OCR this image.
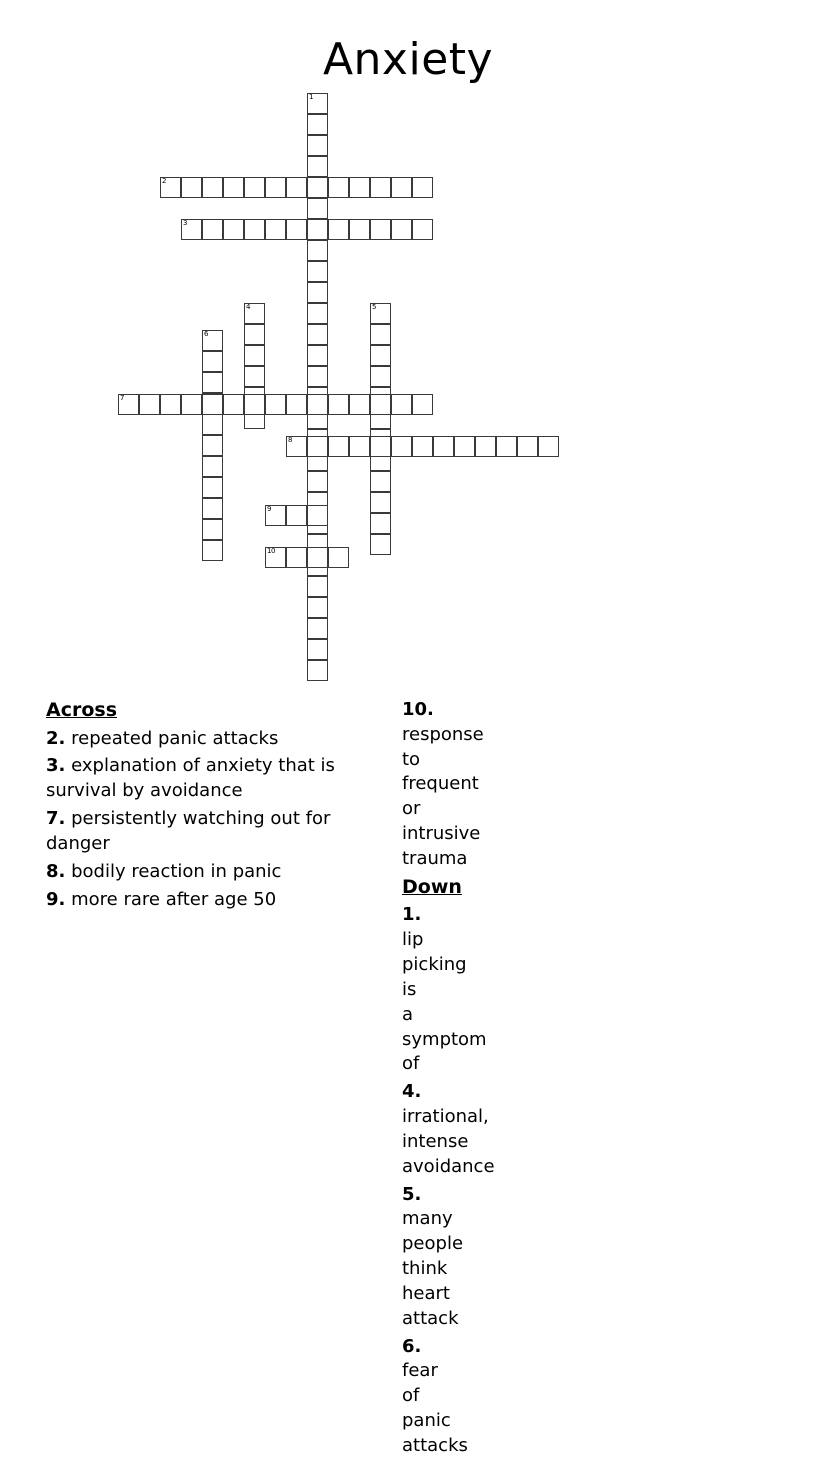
Anxiety
1
2
3
4	5
6
7
8
9
10
Across
2. repeated panic attacks
3. explanation of anxiety that is survival by avoidance
7. persistently watching out for danger
8. bodily reaction in panic
9. more rare after age 50
10. response to frequent or intrusive trauma
Down
1. lip picking is a symptom of
4. irrational, intense avoidance
5. many people think heart attack
6. fear of panic attacks
